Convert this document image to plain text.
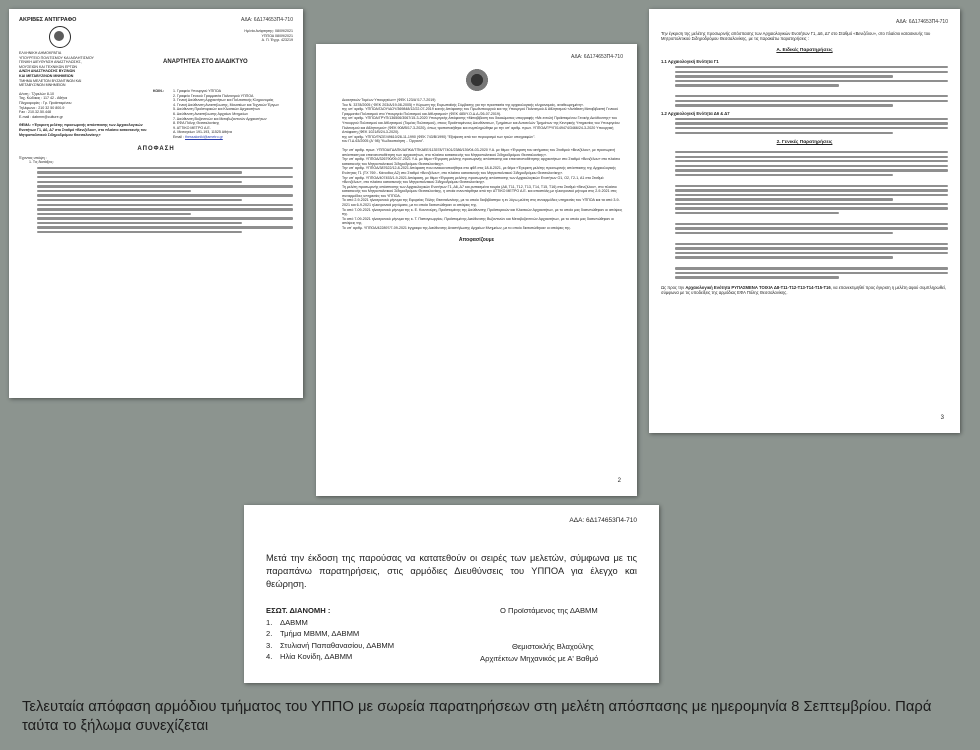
ΑΚΡΙΒΕΣ ΑΝΤΙΓΡΑΦΟ	ΑΔΑ: 6Δ174653Π4-710
Ημ/νία Ανάρτησης: 08/09/2021
ΥΠΠΟΑ 08/09/2021
Α. Π. Έγγρ. 423219
ΕΛΛΗΝΙΚΗ ΔΗΜΟΚΡΑΤΙΑ
ΥΠΟΥΡΓΕΙΟ ΠΟΛΙΤΙΣΜΟΥ ΚΑΙ ΑΘΛΗΤΙΣΜΟΥ
ΓΕΝΙΚΗ ΔΙΕΥΘΥΝΣΗ ΑΝΑΣΤΗΛΩΣΗΣ,
ΜΟΥΣΕΙΩΝ ΚΑΙ ΤΕΧΝΙΚΩΝ ΕΡΓΩΝ
Δ/ΝΣΗ ΑΝΑΣΤΗΛΩΣΗΣ ΒΥΖ/ΝΩΝ
ΚΑΙ ΜΕΤΑΒΥΖ/ΝΩΝ ΜΝΗΜΕΙΩΝ
ΤΜΗΜΑ ΜΕΛΕΤΩΝ ΒΥΖΑΝΤΙΝΩΝ ΚΑΙ
ΜΕΤΑΒΥΖ/ΝΩΝ ΜΝΗΜΕΙΩΝ
Δ/νση : Τζιρελών 8-10
Ταχ. Κώδικας : 117 42 - Αθήνα
Πληροφορίες : Γρ. Προϊσταμένου
Τηλέφωνο : 210 32 50 800-9
Fax : 210.32.50.448
E-mail : dabmm@culture.gr
ΘΕΜΑ: «Έγκριση μελέτης προσωρινής απόσπασης των Αρχαιολογικών Ενοτήτων Γ1, Δ6, Δ7 στο Σταθμό «Βενιζέλου», στο πλαίσιο κατασκευής του Μητροπολιτικού Σιδηροδρόμου Θεσσαλονίκης»
ΑΝΑΡΤΗΤΕΑ ΣΤΟ ΔΙΑΔΙΚΤΥΟ
ΚΟΙΝ.:	1. Γραφείο Υπουργού ΥΠΠΟΑ
2. Γραφείο Γενικού Γραμματέα Πολιτισμού ΥΠΠΟΑ
3. Γενική Διεύθυνση Αρχαιοτήτων και Πολιτιστικής Κληρονομιάς
4. Γενική Διεύθυνση Αναστήλωσης, Μουσείων και Τεχνικών Έργων
5. Διεύθυνση Προϊστορικών και Κλασικών Αρχαιοτήτων
6. Διεύθυνση Αναστήλωσης Αρχαίων Μνημείων
7. Διεύθυνση Βυζαντινών και Μεταβυζαντινών Αρχαιοτήτων
8. ΕΦΑ Πόλης Θεσσαλονίκης
9. ΑΤΤΙΚΟ ΜΕΤΡΟ Α.Ε.
Α. Μεσογείων 191-193, 11525 Αθήνα
Email : thessaloniki@ametro.gr
ΑΠΟΦΑΣΗ
Έχοντας υπόψη :
1. Τις διατάξεις:
ΑΔΑ: 6Δ174653Π4-710
Διοικητικών Τομέων Υπουργείων» (ΦΕΚ 123/Α'/17-7-2019)
Του Ν. 3378/2005 ( ΦΕΚ 203/Α/19-08-2005) « Κύρωση της Ευρωπαϊκής Σύμβασης για την προστασία της αρχαιολογικής κληρονομιάς, αναθεωρημένη».
της υπ' αριθμ. ΥΠΠΟΑ/ΓΔΟΥ/ΔΟΥ/369848/12/22-07-2019 κοινής Απόφασης του Πρωθυπουργού και της Υπουργού Πολιτισμού & Αθλητισμού «Ανάθεση Μεταβιβαστή Γενικού Γραμματέα Πολιτισμού στο Υπουργείο Πολιτισμού και Αθλητισμού» (ΦΕΚ 485/Υ.Ο.Δ.Δ./26-07-2019).
της υπ' αριθμ. ΥΠΠΟΑ/ΓΡΥΠ/136506/3067/15-3-2020 Υπουργικής Απόφασης «Μεταβίβαση του δικαιώματος υπογραφής «Με εντολή Προϊσταμένου Γενικής Διεύθυνσης» του Υπουργού Πολιτισμού και Αθλητισμού (Τομέας Πολιτισμού), στους Προϊσταμένους Διευθύνσεων, Τμημάτων και Αυτοτελών Τμημάτων της Κεντρικής Υπηρεσίας του Υπουργείου Πολιτισμού και Αθλητισμού» (ΦΕΚ 908/Β/17-3-2020), όπως τροποποιήθηκε και συμπληρώθηκε με την υπ' αριθμ. πρωτ. ΥΠΠΟΑ/ΓΡΥΠ/149474/3466/24-3-2020 Υπουργική Απόφαση (ΦΕΚ 1021/Β/24-3-2020).
της υπ' αριθμ. ΥΠΠΟ/ΓΝΣΕ/49610/28-11-1990 (ΦΕΚ 743/Β/1990) "Εξαίρεση από τον περιορισμό των τριών υπογραφών".
του Π.Δ.63/2005 (Α' 98) "Κωδικοποίηση .. Όργανα".
Την υπ' αριθμ. πρωτ. ΥΠΠΟΑ/ΓΔΑΠΚ/ΔΙΠΚΑ/ΤΠΚΑΕΕ/113578/77401/2386/139/04-03-2020 Υ.Α. με θέμα: «Έγκριση του αιτήματος του Σταθμού «Βενιζέλου», με προσωρινή απόσπαση και επανατοποθέτηση των αρχαιοτήτων, στο πλαίσιο κατασκευής του Μητροπολιτικού Σιδηροδρόμου Θεσσαλονίκης».
Την υπ' αριθμ. ΥΠΠΟΑ/326790/09-07-2021 Υ.Α. με θέμα «Έγκριση μελέτης προσωρινής απόσπασης και επανατοποθέτησης αρχαιοτήτων στο Σταθμό «Βενιζέλου» στο πλαίσιο κατασκευής του Μητροπολιτικού Σιδηροδρόμου Θεσσαλονίκης».
Την υπ' αριθμ. ΥΠΠΟΑ/387622/12-8-2021 Απόφαση που ανακοινοποιήθηκε στο φθδ στις 18-8-2021, με θέμα «Έγκριση μελέτης προσωρινής απόσπασης της Αρχαιολογικής Ενότητας Γ1 (ΤΧ 769 - Κάνοιθος Δ2) στο Σταθμό «Βενιζέλου», στο πλαίσιο κατασκευής του Μητροπολιτικού Σιδηροδρόμου Θεσσαλονίκης».
Την υπ' αριθμ. ΥΠΠΟΑ/407453/1-9-2021 Απόφαση, με θέμα «Έγκριση μελέτης προσωρινής απόσπασης των Αρχαιολογικών Ενοτήτων Ο1, Ο2, Γ2-1, Α1 στο Σταθμό «Βενιζέλου», στο πλαίσιο κατασκευής του Μητροπολιτικού Σιδηροδρόμου Θεσσαλονίκης».
Τη μελέτη προσωρινής απόσπασης των Αρχαιολογικών Ενοτήτων Γ1, Δ6, Δ7 και ρυπασμένα τουρία (Δ8, Τ11, Τ12, Τ13, Τ14, Τ15, Τ16) στο Σταθμό «Βενιζέλου», στο πλαίσιο κατασκευής του Μητροπολιτικού Σιδηροδρόμου Θεσσαλονίκης, η οποία συνυπάρθηκε από την ΑΤΤΙΚΟ ΜΕΤΡΟ Α.Ε. και αποστάλη με ηλεκτρονικό μήνυμα στις 2-9-2021 στις συναρμόδιες υπηρεσίες του ΥΠΠΟΑ.
Το από 2-9-2021 ηλεκτρονικό μήνυμα της Εφορείας Πόλης Θεσσαλονίκης, με το οποίο διαβιβάστηκε η εν λόγω μελέτη στις συναρμόδιες υπηρεσίες του ΥΠΠΟΑ και τα από 3-9-2021 και 6-9-2021 ηλεκτρονικά μηνύματα, με τα οποία διατυπώθηκαν οι απόψεις της.
Το από 7-09-2021 ηλεκτρονικό μήνυμα της κ. Ε. Κουντούρη, Προϊσταμένης της Διεύθυνσης Προϊστορικών και Κλασικών Αρχαιοτήτων, με το οποίο μας διατυπώθηκαν οι απόψεις της.
Το από 7-09-2021 ηλεκτρονικό μήνυμα της κ. Τ. Παπαγεωργίου, Προϊσταμένης Διεύθυνσης Βυζαντινών και Μεταβυζαντινών Αρχαιοτήτων, με το οποίο μας διατυπώθηκαν οι απόψεις της.
Το υπ' αριθμ. ΥΠΠΟΑ/422897/7-09-2021 έγγραφο της Διεύθυνσης Αναστήλωσης Αρχαίων Μνημείων, με το οποίο διατυπώθηκαν οι απόψεις της.
Αποφασίζουμε
2
ΑΔΑ: 6Δ174653Π4-710
Την έγκριση της μελέτης προσωρινής απόσπασης των Αρχαιολογικών Ενοτήτων Γ1, Δ6, Δ7 στο Σταθμό «Βενιζέλου», στο πλαίσιο κατασκευής του Μητροπολιτικού Σιδηροδρόμου Θεσσαλονίκης, με τις παρακάτω παρατηρήσεις :
Α. Ειδικές Παρατηρήσεις
1.1 Αρχαιολογική Ενότητα Γ1
1.2 Αρχαιολογική Ενότητα Δ6 & Δ7
2. Γενικές Παρατηρήσεις
Ως προς την Αρχαιολογική Ενότητα ΡΥΠΑΣΜΕΝΑ ΤΟΙΧΙΑ Δ8-Τ11-Τ12-Τ13-Τ14-Τ15-Τ16, να επανεκτιμηθεί προς έγκριση η μελέτη αφού συμπληρωθεί, σύμφωνα με τις υποδείξεις της αρμόδιας ΕΦΑ Πόλης Θεσσαλονίκης.
3
ΑΔΑ: 6Δ174653Π4-710
Μετά την έκδοση της παρούσας να κατατεθούν οι σειρές των μελετών, σύμφωνα με τις παραπάνω παρατηρήσεις, στις αρμόδιες Διευθύνσεις του ΥΠΠΟΑ για έλεγχο και θεώρηση.
ΕΣΩΤ. ΔΙΑΝΟΜΗ :
1. ΔΑΒΜΜ
2. Τμήμα ΜΒΜΜ, ΔΑΒΜΜ
3. Στυλιανή Παπαθανασίου, ΔΑΒΜΜ
4. Ηλία Κονίδη, ΔΑΒΜΜ
Ο Προϊστάμενος της ΔΑΒΜΜ
Θεμιστοκλής Βλαχούλης
Αρχιτέκτων Μηχανικός με Α' Βαθμό
Τελευταία απόφαση αρμόδιου τμήματος του ΥΠΠΟ με σωρεία παρατηρήσεων στη μελέτη απόσπασης με ημερομηνία 8 Σεπτεμβρίου. Παρά ταύτα το ξήλωμα συνεχίζεται
